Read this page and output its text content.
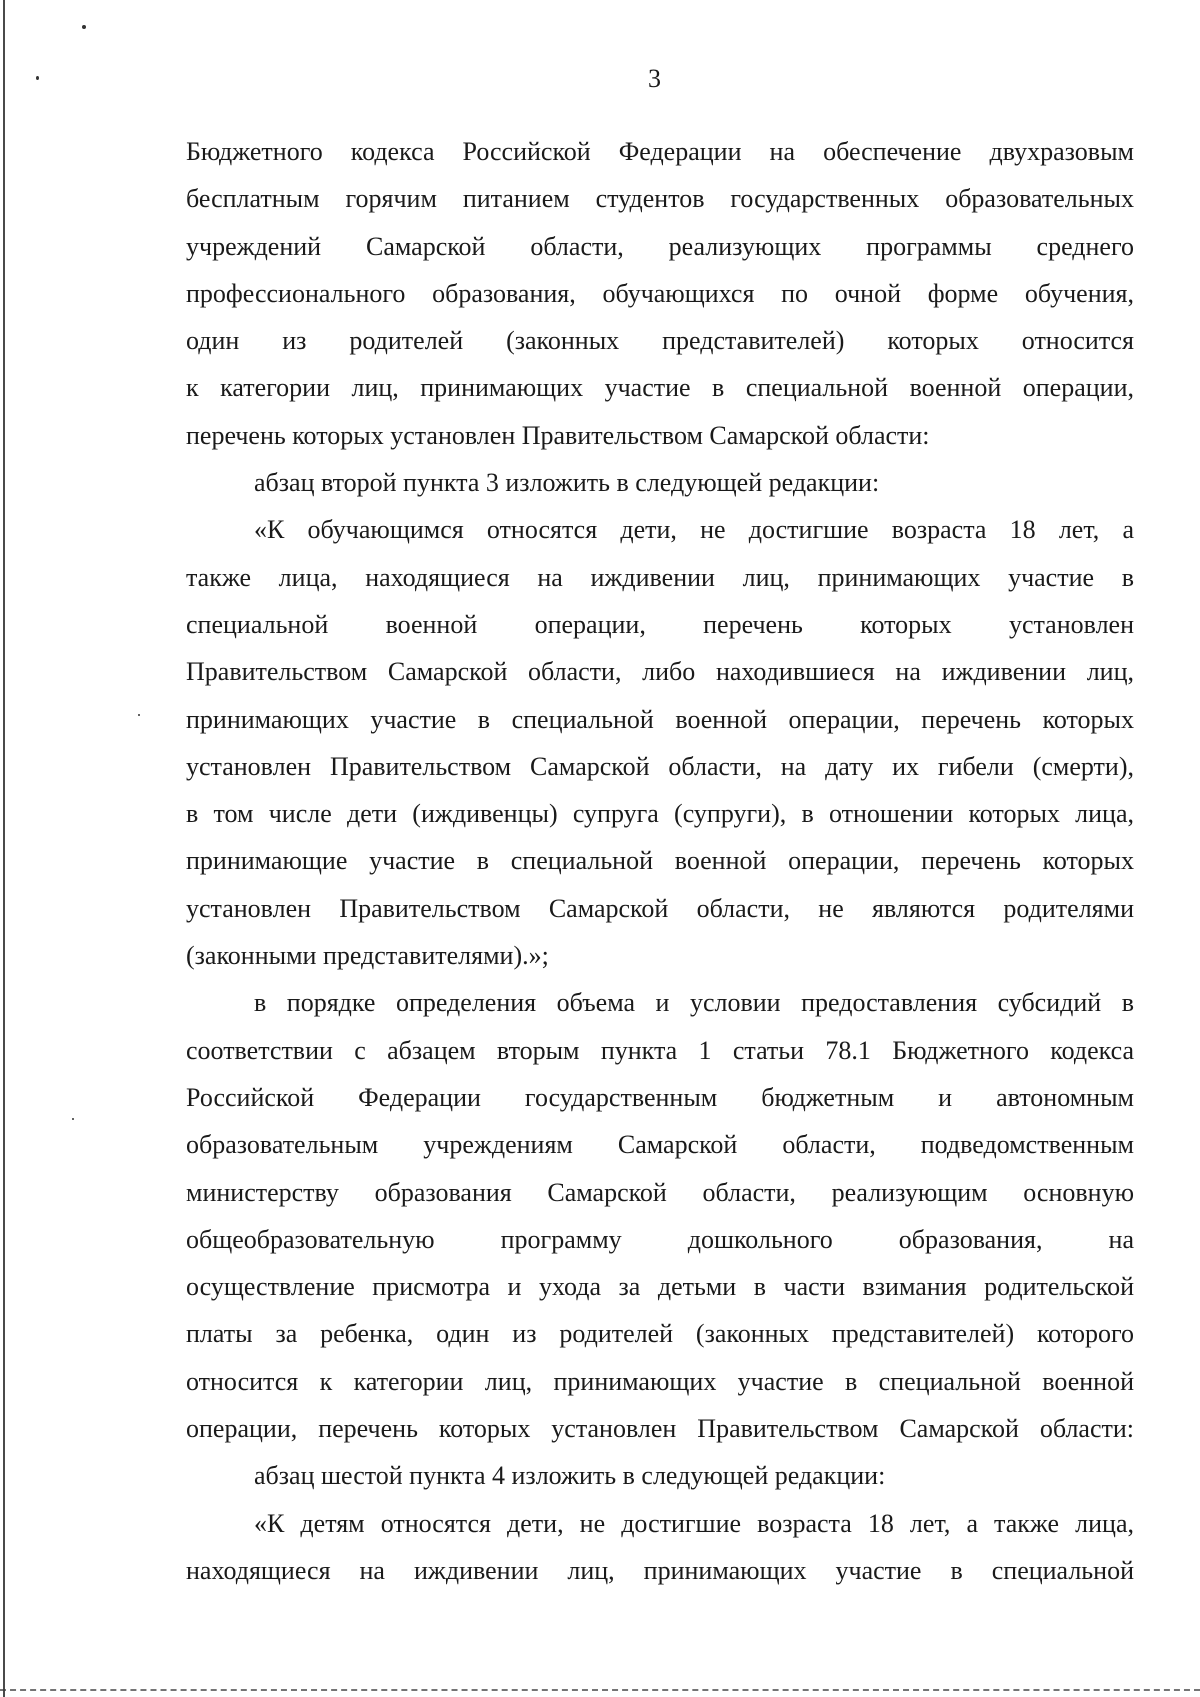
3
Бюджетного кодекса Российской Федерации на обеспечение двухразовым
бесплатным горячим питанием студентов государственных образовательных
учреждений Самарской области, реализующих программы среднего
профессионального образования, обучающихся по очной форме обучения,
один из родителей (законных представителей) которых относится
к категории лиц, принимающих участие в специальной военной операции,
перечень которых установлен Правительством Самарской области:
абзац второй пункта 3 изложить в следующей редакции:
«К обучающимся относятся дети, не достигшие возраста 18 лет, а
также лица, находящиеся на иждивении лиц, принимающих участие в
специальной военной операции, перечень которых установлен
Правительством Самарской области, либо находившиеся на иждивении лиц,
принимающих участие в специальной военной операции, перечень которых
установлен Правительством Самарской области, на дату их гибели (смерти),
в том числе дети (иждивенцы) супруга (супруги), в отношении которых лица,
принимающие участие в специальной военной операции, перечень которых
установлен Правительством Самарской области, не являются родителями
(законными представителями).»;
в порядке определения объема и условии предоставления субсидий в
соответствии с абзацем вторым пункта 1 статьи 78.1 Бюджетного кодекса
Российской Федерации государственным бюджетным и автономным
образовательным учреждениям Самарской области, подведомственным
министерству образования Самарской области, реализующим основную
общеобразовательную программу дошкольного образования, на
осуществление присмотра и ухода за детьми в части взимания родительской
платы за ребенка, один из родителей (законных представителей) которого
относится к категории лиц, принимающих участие в специальной военной
операции, перечень которых установлен Правительством Самарской области:
абзац шестой пункта 4 изложить в следующей редакции:
«К детям относятся дети, не достигшие возраста 18 лет, а также лица,
находящиеся на иждивении лиц, принимающих участие в специальной
